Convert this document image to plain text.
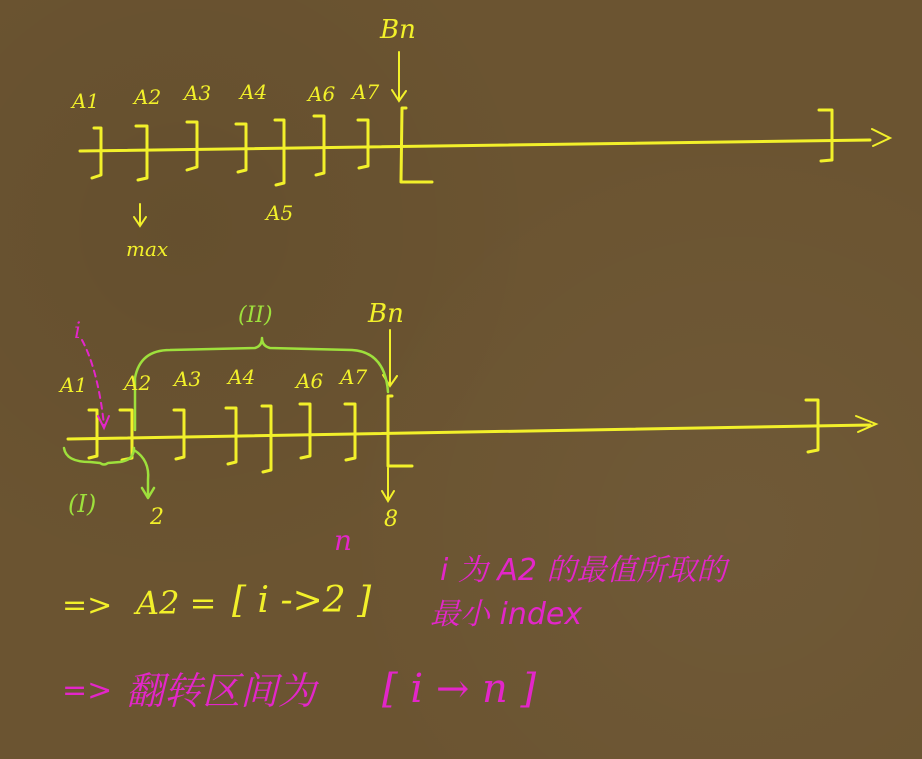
Bn
A1 A2 A3 A4 A6 A7
A5
max
Bn
A1 A2 A3 A4 A6 A7
i
(II)
(I) 2	8
=> A2 = [ i ->2 ]
n
i 为 A2 的最值所取的
最小 index
=> 翻转区间为 [ i → n ]
